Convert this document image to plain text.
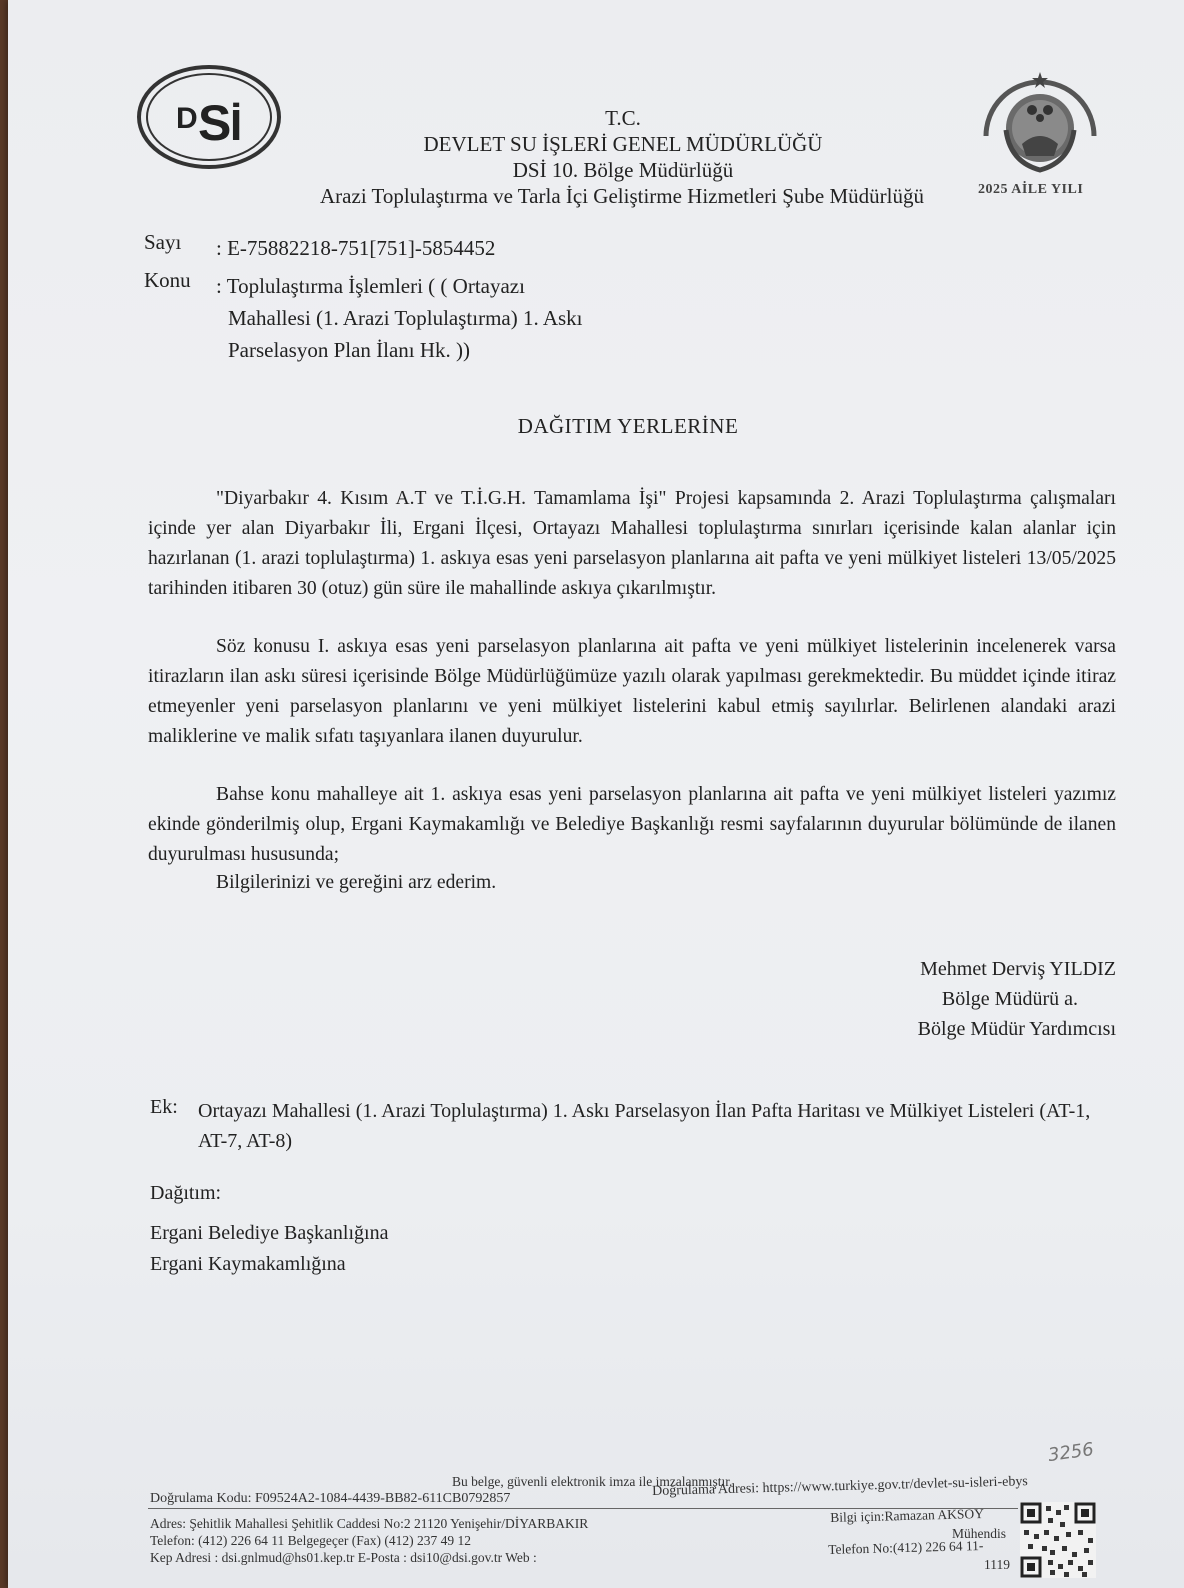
D S
İ
2025 AİLE YILI
T.C.
DEVLET SU İŞLERİ GENEL MÜDÜRLÜĞÜ
DSİ 10. Bölge Müdürlüğü
Arazi Toplulaştırma ve Tarla İçi Geliştirme Hizmetleri Şube Müdürlüğü
Sayı : E-75882218-751[751]-5854452
Konu : Toplulaştırma İşlemleri ( ( Ortayazı
Mahallesi (1. Arazi Toplulaştırma) 1. Askı
Parselasyon Plan İlanı Hk. ))
DAĞITIM YERLERİNE
"Diyarbakır 4. Kısım A.T ve T.İ.G.H. Tamamlama İşi" Projesi kapsamında 2. Arazi Toplulaştırma çalışmaları içinde yer alan Diyarbakır İli, Ergani İlçesi, Ortayazı Mahallesi toplulaştırma sınırları içerisinde kalan alanlar için hazırlanan (1. arazi toplulaştırma) 1. askıya esas yeni parselasyon planlarına ait pafta ve yeni mülkiyet listeleri 13/05/2025 tarihinden itibaren 30 (otuz) gün süre ile mahallinde askıya çıkarılmıştır.
Söz konusu I. askıya esas yeni parselasyon planlarına ait pafta ve yeni mülkiyet listelerinin incelenerek varsa itirazların ilan askı süresi içerisinde Bölge Müdürlüğümüze yazılı olarak yapılması gerekmektedir. Bu müddet içinde itiraz etmeyenler yeni parselasyon planlarını ve yeni mülkiyet listelerini kabul etmiş sayılırlar. Belirlenen alandaki arazi maliklerine ve malik sıfatı taşıyanlara ilanen duyurulur.
Bahse konu mahalleye ait 1. askıya esas yeni parselasyon planlarına ait pafta ve yeni mülkiyet listeleri yazımız ekinde gönderilmiş olup, Ergani Kaymakamlığı ve Belediye Başkanlığı resmi sayfalarının duyurular bölümünde de ilanen duyurulması hususunda;
Bilgilerinizi ve gereğini arz ederim.
Mehmet Derviş YILDIZ
Bölge Müdürü a.
Bölge Müdür Yardımcısı
Ek: Ortayazı Mahallesi (1. Arazi Toplulaştırma) 1. Askı Parselasyon İlan Pafta Haritası ve Mülkiyet Listeleri (AT-1, AT-7, AT-8)
Dağıtım:
Ergani Belediye Başkanlığına
Ergani Kaymakamlığına
3256
Bu belge, güvenli elektronik imza ile imzalanmıştır.
Doğrulama Kodu: F09524A2-1084-4439-BB82-611CB0792857	Doğrulama Adresi: https://www.turkiye.gov.tr/devlet-su-isleri-ebys
Adres: Şehitlik Mahallesi Şehitlik Caddesi No:2 21120 Yenişehir/DİYARBAKIR
Telefon: (412) 226 64 11 Belgegeçer (Fax) (412) 237 49 12
Kep Adresi : dsi.gnlmud@hs01.kep.tr E-Posta : dsi10@dsi.gov.tr Web :
Bilgi için:Ramazan AKSOY
Mühendis
Telefon No:(412) 226 64 11-
1119
